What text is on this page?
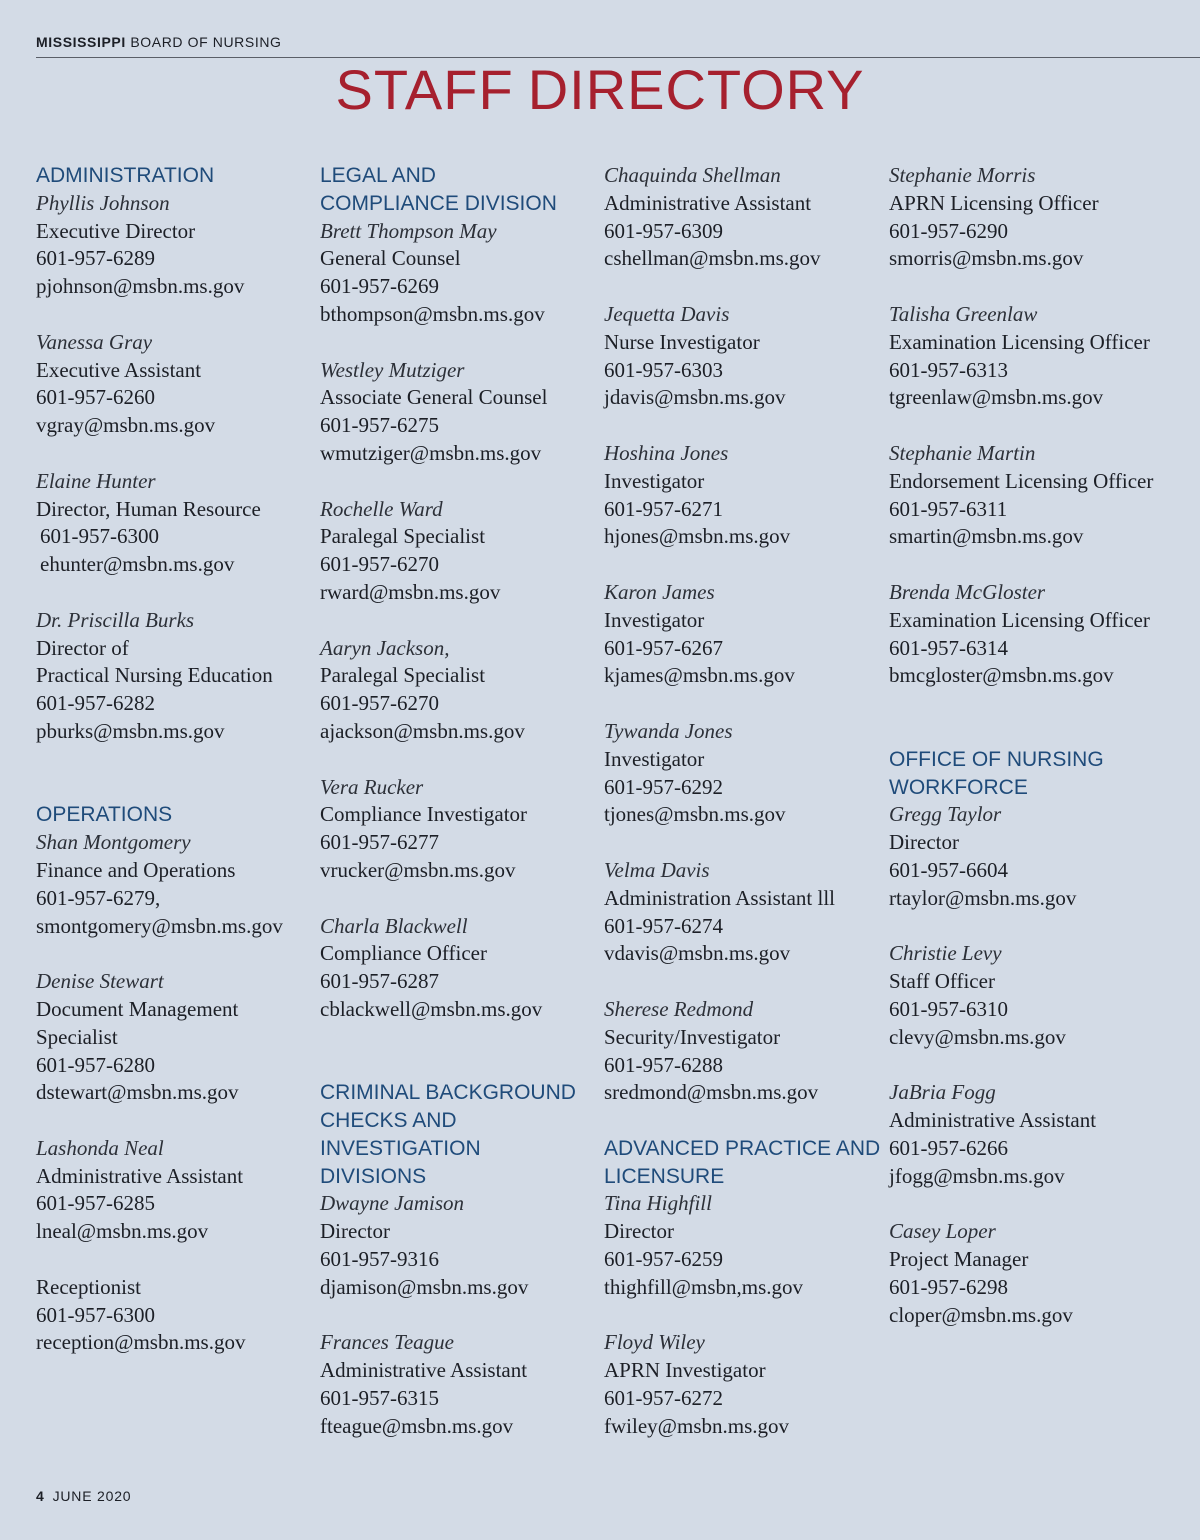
MISSISSIPPI BOARD OF NURSING
STAFF DIRECTORY
ADMINISTRATION
Phyllis Johnson
Executive Director
601-957-6289
pjohnson@msbn.ms.gov
Vanessa Gray
Executive Assistant
601-957-6260
vgray@msbn.ms.gov
Elaine Hunter
Director, Human Resource
601-957-6300
ehunter@msbn.ms.gov
Dr. Priscilla Burks
Director of
Practical Nursing Education
601-957-6282
pburks@msbn.ms.gov
OPERATIONS
Shan Montgomery
Finance and Operations
601-957-6279,
smontgomery@msbn.ms.gov
Denise Stewart
Document Management
Specialist
601-957-6280
dstewart@msbn.ms.gov
Lashonda Neal
Administrative Assistant
601-957-6285
lneal@msbn.ms.gov
Receptionist
601-957-6300
reception@msbn.ms.gov
LEGAL AND
COMPLIANCE DIVISION
Brett Thompson May
General Counsel
601-957-6269
bthompson@msbn.ms.gov
Westley Mutziger
Associate General Counsel
601-957-6275
wmutziger@msbn.ms.gov
Rochelle Ward
Paralegal Specialist
601-957-6270
rward@msbn.ms.gov
Aaryn Jackson,
Paralegal Specialist
601-957-6270
ajackson@msbn.ms.gov
Vera Rucker
Compliance Investigator
601-957-6277
vrucker@msbn.ms.gov
Charla Blackwell
Compliance Officer
601-957-6287
cblackwell@msbn.ms.gov
CRIMINAL BACKGROUND
CHECKS AND INVESTIGATION
DIVISIONS
Dwayne Jamison
Director
601-957-9316
djamison@msbn.ms.gov
Frances Teague
Administrative Assistant
601-957-6315
fteague@msbn.ms.gov
Chaquinda Shellman
Administrative Assistant
601-957-6309
cshellman@msbn.ms.gov
Jequetta Davis
Nurse Investigator
601-957-6303
jdavis@msbn.ms.gov
Hoshina Jones
Investigator
601-957-6271
hjones@msbn.ms.gov
Karon James
Investigator
601-957-6267
kjames@msbn.ms.gov
Tywanda Jones
Investigator
601-957-6292
tjones@msbn.ms.gov
Velma Davis
Administration Assistant lll
601-957-6274
vdavis@msbn.ms.gov
Sherese Redmond
Security/Investigator
601-957-6288
sredmond@msbn.ms.gov
ADVANCED PRACTICE AND
LICENSURE
Tina Highfill
Director
601-957-6259
thighfill@msbn,ms.gov
Floyd Wiley
APRN Investigator
601-957-6272
fwiley@msbn.ms.gov
Stephanie Morris
APRN Licensing Officer
601-957-6290
smorris@msbn.ms.gov
Talisha Greenlaw
Examination Licensing Officer
601-957-6313
tgreenlaw@msbn.ms.gov
Stephanie Martin
Endorsement Licensing Officer
601-957-6311
smartin@msbn.ms.gov
Brenda McGloster
Examination Licensing Officer
601-957-6314
bmcgloster@msbn.ms.gov
OFFICE OF NURSING
WORKFORCE
Gregg Taylor
Director
601-957-6604
rtaylor@msbn.ms.gov
Christie Levy
Staff Officer
601-957-6310
clevy@msbn.ms.gov
JaBria Fogg
Administrative Assistant
601-957-6266
jfogg@msbn.ms.gov
Casey Loper
Project Manager
601-957-6298
cloper@msbn.ms.gov
4 JUNE 2020
